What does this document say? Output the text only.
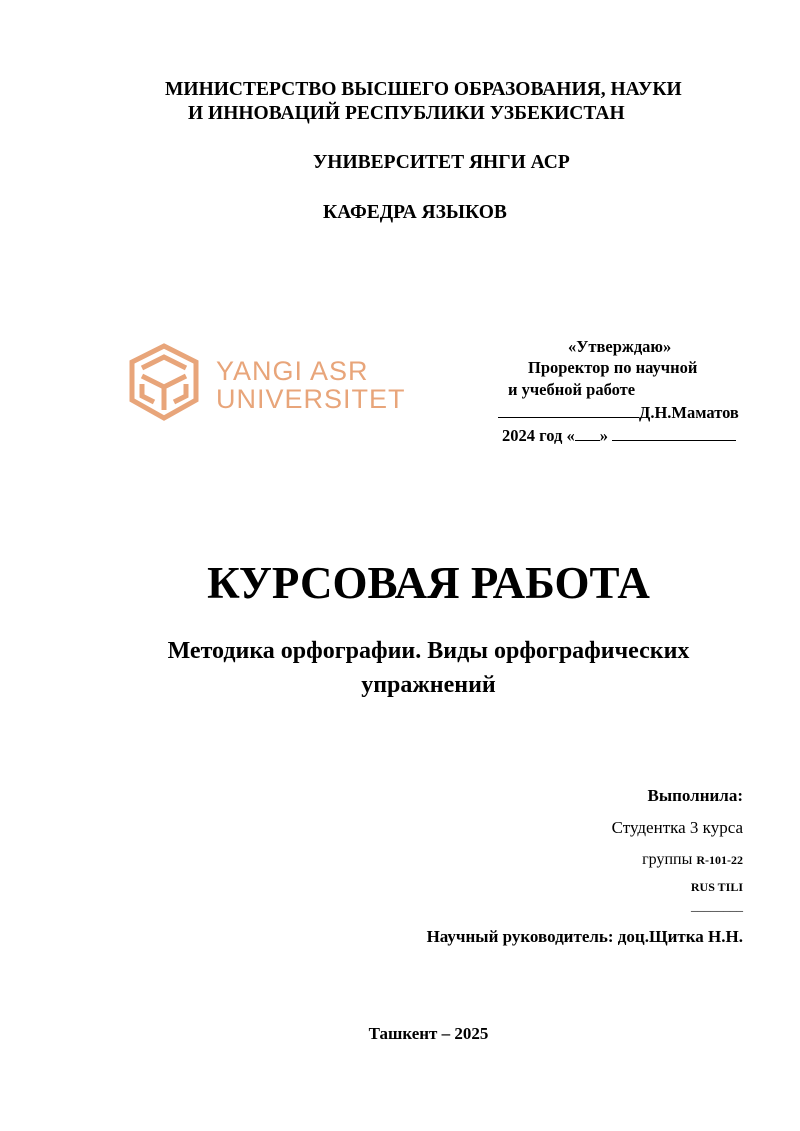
МИНИСТЕРСТВО ВЫСШЕГО ОБРАЗОВАНИЯ, НАУКИ
И ИННОВАЦИЙ РЕСПУБЛИКИ УЗБЕКИСТАН
УНИВЕРСИТЕТ ЯНГИ АСР
КАФЕДРА ЯЗЫКОВ
YANGI ASR
UNIVERSITETI
«Утверждаю»
Проректор по научной
и учебной работе
Д.Н.Маматов
2024 год « »
КУРСОВАЯ РАБОТА
Методика орфографии. Виды орфографических
упражнений
Выполнила:
Студентка 3 курса
группы R-101-22
RUS TILI
________
Научный руководитель: доц.Щитка Н.Н.
Ташкент – 2025
